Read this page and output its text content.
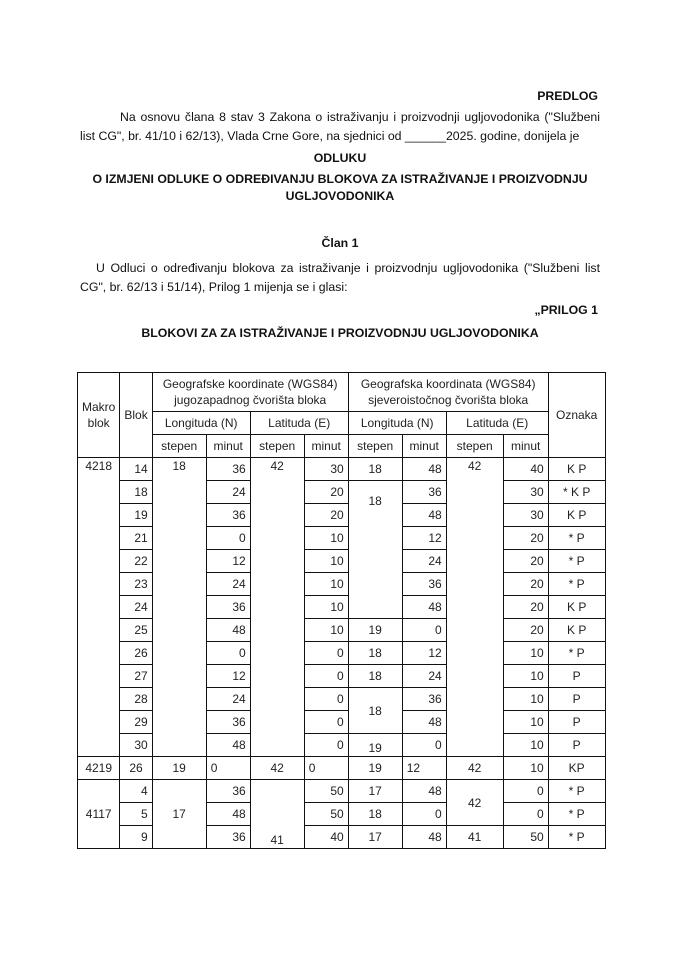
PREDLOG
Na osnovu člana 8 stav 3 Zakona o istraživanju i proizvodnji ugljovodonika ("Službeni list CG", br. 41/10 i 62/13), Vlada Crne Gore, na sjednici od ______2025. godine, donijela je
ODLUKU
O IZMJENI ODLUKE O ODREĐIVANJU BLOKOVA ZA ISTRAŽIVANJE I PROIZVODNJU UGLJOVODONIKA
Član 1
U Odluci o određivanju blokova za istraživanje i proizvodnju ugljovodonika ("Službeni list CG", br. 62/13 i 51/14), Prilog 1 mijenja se i glasi:
„PRILOG 1
BLOKOVI ZA ZA ISTRAŽIVANJE I PROIZVODNJU UGLJOVODONIKA
Makro blok	Blok	Geografske koordinate (WGS84) jugozapadnog čvorišta bloka				Geografska koordinata (WGS84) sjeveroistočnog čvorišta bloka				Oznaka
		Longituda (N)		Latituda (E)		Longituda (N)		Latituda (E)		
		stepen	minut	stepen	minut	stepen	minut	stepen	minut	
4218	14	18	36	42	30	18	48	42	40	K P
	18		24		20	18	36		30	* K P
	19		36		20		48		30	K P
	21		0		10		12		20	* P
	22		12		10		24		20	* P
	23		24		10		36		20	* P
	24		36		10		48		20	K P
	25		48		10	19	0		20	K P
	26		0		0	18	12		10	* P
	27		12		0	18	24		10	P
	28		24		0	18	36		10	P
	29		36		0		48		10	P
	30		48		0	19	0		10	P
4219	26	19	0	42	0	19	12	42	10	KP
4117	4	17	36	41	50	17	48	42	0	* P
	5		48		50	18	0		0	* P
	9		36		40	17	48	41	50	* P
